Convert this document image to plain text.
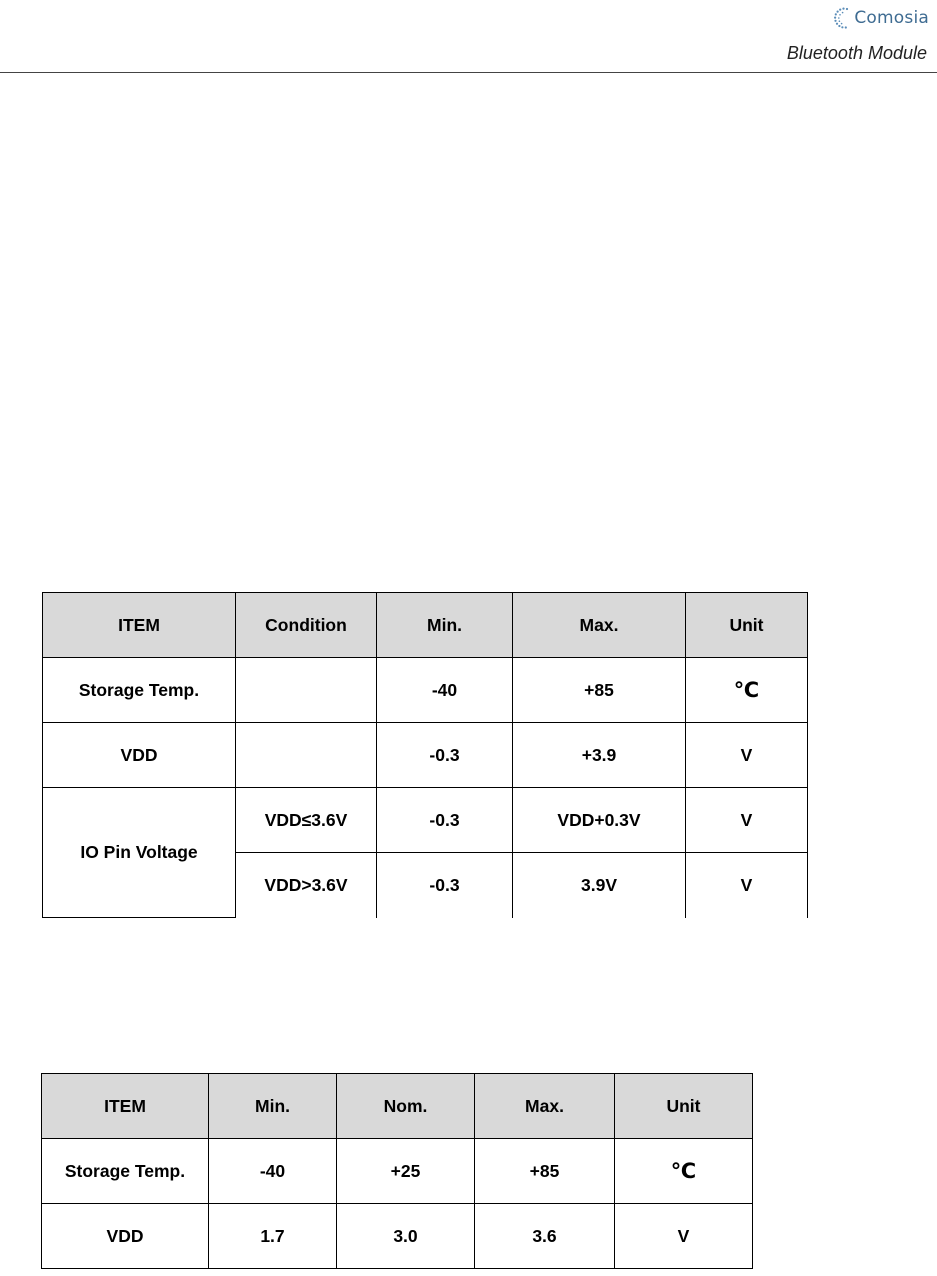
Comosia
Bluetooth Module
ITEM	Condition	Min.	Max.	Unit
Storage Temp.		-40	+85	℃
VDD		-0.3	+3.9	V
IO Pin Voltage	VDD≤3.6V	-0.3	VDD+0.3V	V
	VDD>3.6V	-0.3	3.9V	V
ITEM	Min.	Nom.	Max.	Unit
Storage Temp.	-40	+25	+85	℃
VDD	1.7	3.0	3.6	V
